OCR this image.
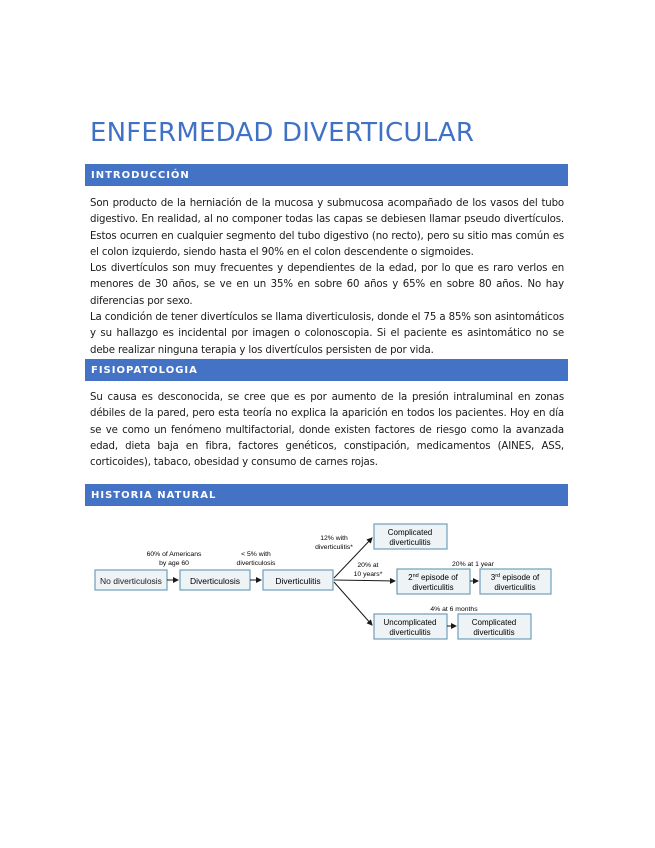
ENFERMEDAD DIVERTICULAR
INTRODUCCIÓN

Son producto de la herniación de la mucosa y submucosa acompañado de los vasos del tubo digestivo. En realidad, al no componer todas las capas se debiesen llamar pseudo divertículos. Estos ocurren en cualquier segmento del tubo digestivo (no recto), pero su sitio mas común es el colon izquierdo, siendo hasta el 90% en el colon descendente o sigmoides.

Los divertículos son muy frecuentes y dependientes de la edad, por lo que es raro verlos en menores de 30 años, se ve en un 35% en sobre 60 años y 65% en sobre 80 años. No hay diferencias por sexo.

La condición de tener divertículos se llama diverticulosis, donde el 75 a 85% son asintomáticos y su hallazgo es incidental por imagen o colonoscopia. Si el paciente es asintomático no se debe realizar ninguna terapia y los divertículos persisten de por vida.

FISIOPATOLOGIA

Su causa es desconocida, se cree que es por aumento de la presión intraluminal en zonas débiles de la pared, pero esta teoría no explica la aparición en todos los pacientes. Hoy en día se ve como un fenómeno multifactorial, donde existen factores de riesgo como la avanzada edad, dieta baja en fibra, factores genéticos, constipación, medicamentos (AINES, ASS, corticoides), tabaco, obesidad y consumo de carnes rojas.

HISTORIA NATURAL
No diverticulosis	Diverticulosis	Diverticulitis
Complicated
diverticulitis
2nd episode of
diverticulitis
3rd episode of
diverticulitis
Uncomplicated
diverticulitis
Complicated
diverticulitis
60% of Americans
by age 60
< 5% with
diverticulosis
12% with
diverticulitis*
20% at
10 years*
20% at 1 year
4% at 6 months
